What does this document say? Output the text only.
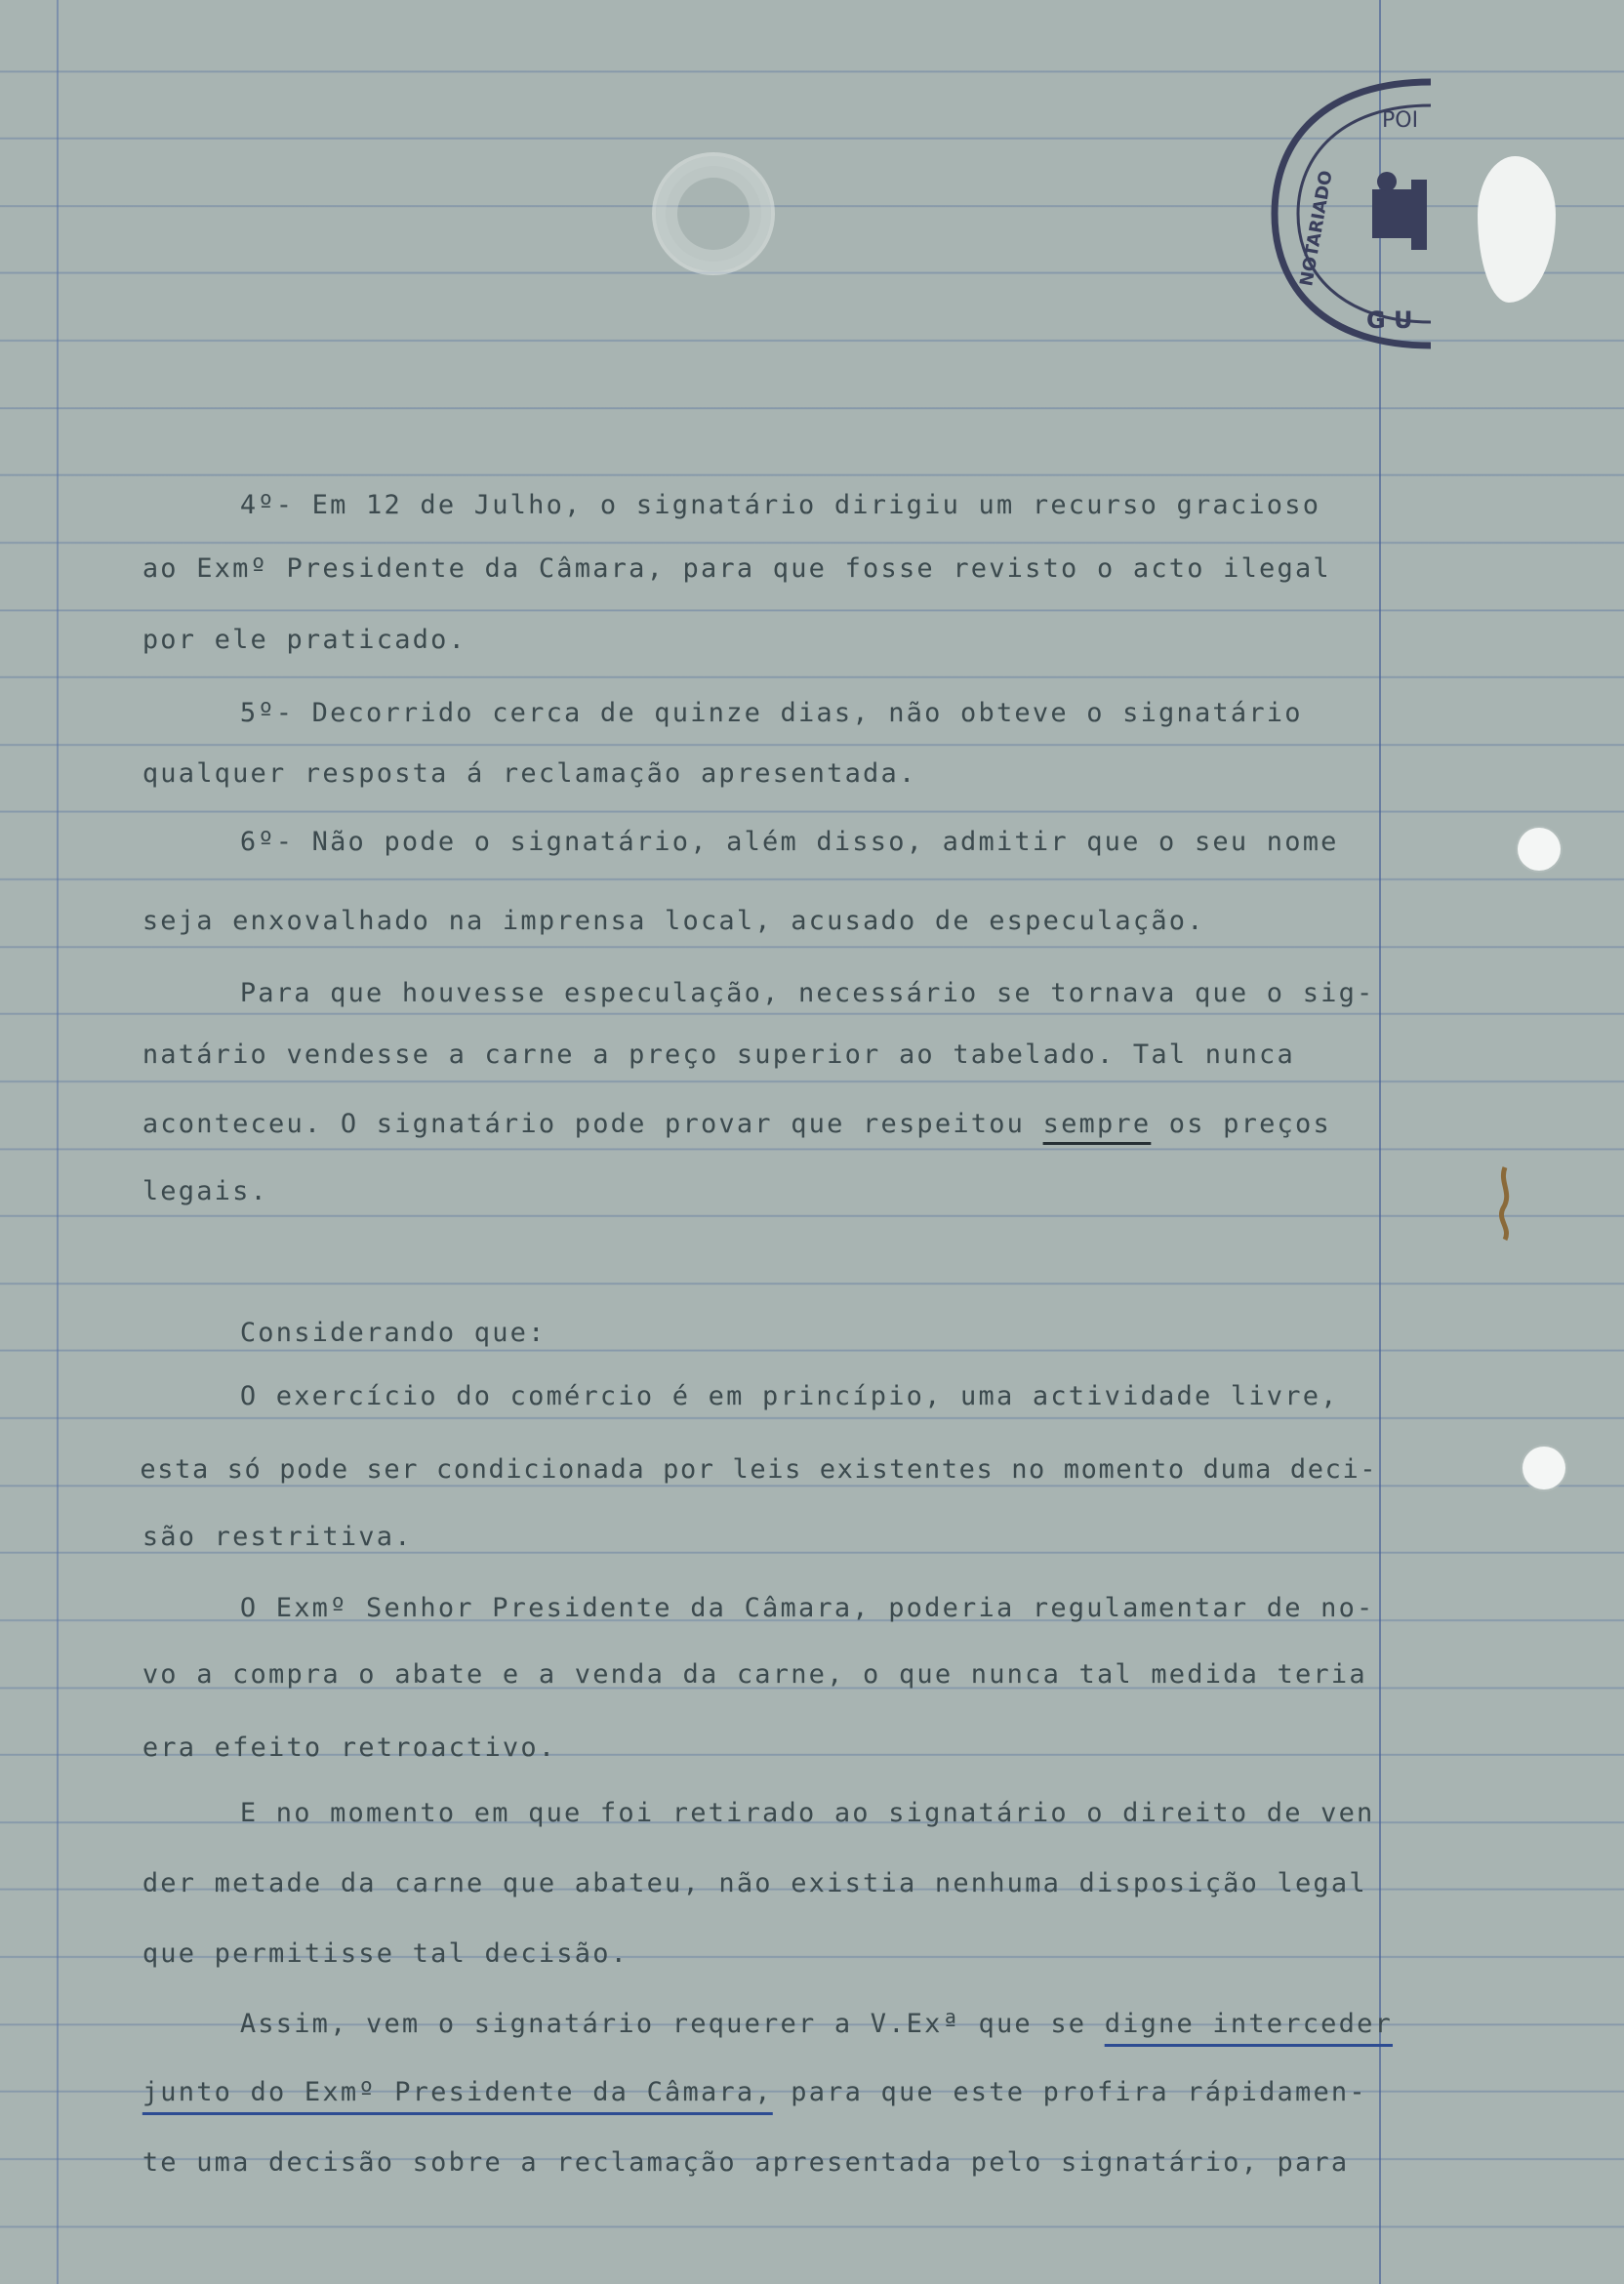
POI
NOTARIADO
G U

4º- Em 12 de Julho, o signatário dirigiu um recurso gracioso

ao Exmº Presidente da Câmara, para que fosse revisto o acto ilegal

por ele praticado.

5º- Decorrido cerca de quinze dias, não obteve o signatário

qualquer resposta á reclamação apresentada.

6º- Não pode o signatário, além disso, admitir que o seu nome

seja enxovalhado na imprensa local, acusado de especulação.

Para que houvesse especulação, necessário se tornava que o sig-

natário vendesse a carne a preço superior ao tabelado. Tal nunca

aconteceu. O signatário pode provar que respeitou sempre os preços

legais.

Considerando que:

O exercício do comércio é em princípio, uma actividade livre,

esta só pode ser condicionada por leis existentes no momento duma deci-

são restritiva.

O Exmº Senhor Presidente da Câmara, poderia regulamentar de no-

vo a compra o abate e a venda da carne, o que nunca tal medida teria

era efeito retroactivo.

E no momento em que foi retirado ao signatário o direito de ven

der metade da carne que abateu, não existia nenhuma disposição legal

que permitisse tal decisão.

Assim, vem o signatário requerer a V.Exª que se digne interceder

junto do Exmº Presidente da Câmara, para que este profira rápidamen-

te uma decisão sobre a reclamação apresentada pelo signatário, para
